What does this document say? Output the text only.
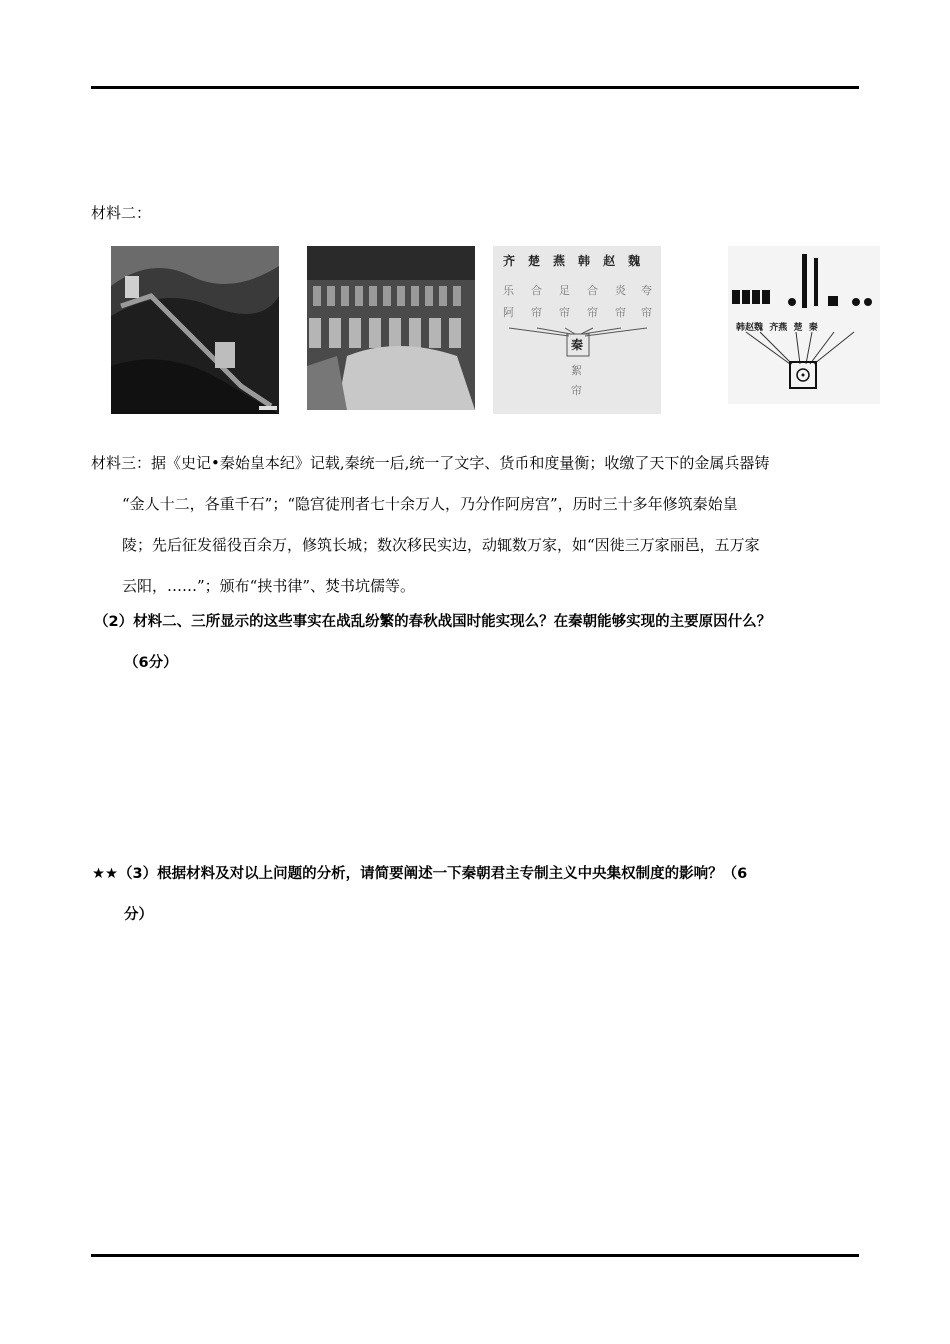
材料二：
乐 合 足 合 炎 夸
阿 帘 帘 帘 帘 帘
絮
帘
齐楚燕韩赵魏
秦
韩赵魏  齐燕  楚  秦
材料三：据《史记•秦始皇本纪》记载,秦统一后,统一了文字、货币和度量衡；收缴了天下的金属兵器铸
“金人十二，各重千石”；“隐宫徒刑者七十余万人，乃分作阿房宫”，历时三十多年修筑秦始皇
陵；先后征发徭役百余万，修筑长城；数次移民实边，动辄数万家，如“因徙三万家丽邑，五万家
云阳，……”；颁布“挟书律”、焚书坑儒等。
（2）材料二、三所显示的这些事实在战乱纷繁的春秋战国时能实现么？在秦朝能够实现的主要原因什么？
（6分）
★★（3）根据材料及对以上问题的分析，请简要阐述一下秦朝君主专制主义中央集权制度的影响？（6
分）
